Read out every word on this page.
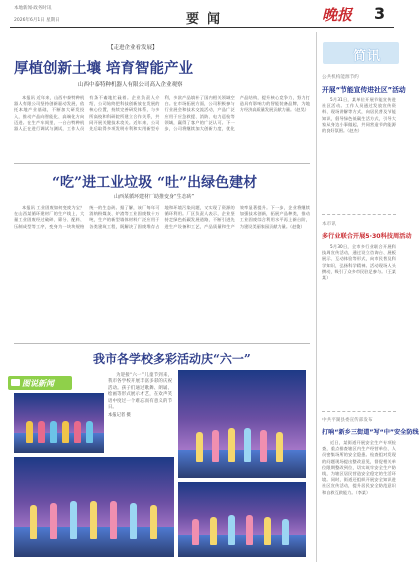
本地新闻·政务时讯
2026年6月1日 星期日	要闻	晚报 3
【走进企业看发展】
厚植创新土壤 培育智能产业
山西中泰特种机器人有限公司高入企业观察

本报讯 近年来，山西中泰特种机器人有限公司坚持创新驱动发展，依托本地产业基础，不断加大研发投入，推动产品向智能化、高端化方向迈进。在生产车间里，一台台特种机器人正在进行调试与测试，工作人员有条不紊地忙碌着。企业负责人介绍，公司始终把科技创新放在发展的核心位置，持续完善研发体系，与多所高校和科研院所建立合作关系，共同开展关键技术攻关。近年来，公司先后取得多项发明专利和实用新型专利，多款产品填补了国内相关领域空白。在市场拓展方面，公司积极参与行业展会和技术交流活动，产品广泛应用于应急救援、消防、电力巡检等领域，赢得了客户的广泛认可。下一步，公司将继续加大创新力度，优化产品结构，提升核心竞争力，努力打造具有影响力的智能装备品牌，为地方经济高质量发展贡献力量。（赵昊）

“吃”进工业垃圾 “吐”出绿色建材
山西某循环建材厂助推变身“生态砖”

本报讯 工业固废如何变废为宝？在山西某循环建材厂的生产线上，大量工业固废经过破碎、筛分、配料、压制成型等工序，变身为一块块规格统一的生态砖。据了解，该厂每年可消纳粉煤灰、炉渣等工业固废数十万吨，生产的新型墙体材料广泛应用于各类建筑工程，既解决了固废堆存占地和环境污染问题，又实现了资源的循环利用。厂区负责人表示，企业坚持走绿色低碳发展道路，不断引进先进生产设备和工艺，产品质量和生产效率显著提升。下一步，企业将继续加强技术创新，拓展产品种类，推动工业固废综合利用水平再上新台阶，为建设美丽家园贡献力量。（赵俊）

我市各学校多彩活动庆“六一”
图说新闻

为迎接“六一”儿童节到来，我市各学校开展丰富多彩的庆祝活动。孩子们通过歌舞、朗诵、绘画等形式展示才艺，在欢声笑语中度过一个难忘而有意义的节日。

本报记者 摄

简讯
公共机构能源节约
开展“节能宣传进社区”活动

5月31日，某单位开展节能宣传进社区活动。工作人员通过发放宣传资料、现场讲解等方式，向居民普及节能知识，倡导绿色低碳生活方式，引导大家从身边小事做起，共同营造节约能源的良好氛围。（赵杰）

本市讯
多行业联合开展5·30科技周活动

5月30日，全市多行业联合开展科技周宣传活动，通过设立咨询台、展板展示、互动体验等形式，向市民普及科学知识，弘扬科学精神。活动现场人头攒动，吸引了众多市民驻足参与。（王某某）

中共平湖县委宣传部发布
打响“新乡三街道”写“中”安全防线

近日，某街道开展安全生产专项检查，重点排查辖区内生产经营单位、人员密集场所的安全隐患。检查组对发现的问题现场提出整改意见，督促相关单位限期整改到位，切实筑牢安全生产防线，为辖区居民营造安全稳定的生活环境。同时，街道还组织开展安全知识进社区宣传活动，提升居民安全防范意识和自救互救能力。（李某）
